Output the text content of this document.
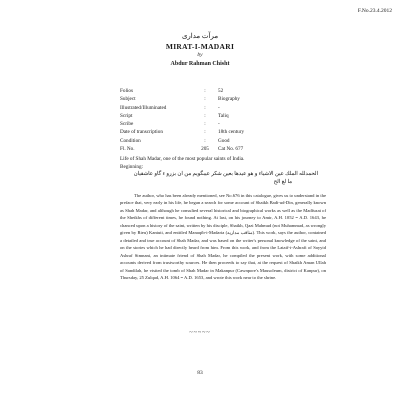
F.No.23.4.2012
مرآت مداری
MIRAT-I-MADARI
by
Abdur Rahman Chisht
Folios	:	52
Subject	:	Biography
Illustrated/Illuminated	:	-
Script	:	Taliq
Scribe	:	-
Date of transcription	:	18th century
Condition	:	Good
Fl. No.	205	Cat No. 677
Life of Shah Madar, one of the most popular saints of India.
Beginning:
الحمدلله الملك عین الاشیاء و هو عیدها بعین شكر عیبگویم من ان بزرو ء گاو عاشقیان
ما لغ الح

The author, who has been already mentioned, see No.676 in this catalogue, gives us to understand in the preface that, very early in his life, he began a search for some account of Shaikh Badi-ud-Din, generally known as Shah Madar, and although he consulted several historical and biographical works as well as the Madfuzat of the Sheikhs of different times, he found nothing. At last, on his journey to Amir, A.H. 1052 = A.D. 1643, he chanced upon a history of the saint, written by his disciple, Shaikh, Qazi Mahmud (not Muhammad, as wrongly given by Rieu) Kantuti, and entitled Manaqib-i-Madaria (مناقب مداریه). This work, says the author, contained a detailed and true account of Shah Madar, and was based on the writer's personal knowledge of the saint, and on the stories which he had directly heard from him. From this work, and from the Lataif-i-Ashrafi of Sayyid Ashraf Simnani, an intimate friend of Shah Madar, he compiled the present work, with some additional accounts derived from trustworthy sources. He then proceeds to say that, at the request of Shaikh Aman Ullah of Sandilah, he visited the tomb of Shah Madar in Makanpur (Cawnpore's Mausoleum, district of Kanpur), on Thursday, 25 Zulqad, A.H. 1064 = A.D. 1653, and wrote this work near to the shrine.

~~~~~
83
